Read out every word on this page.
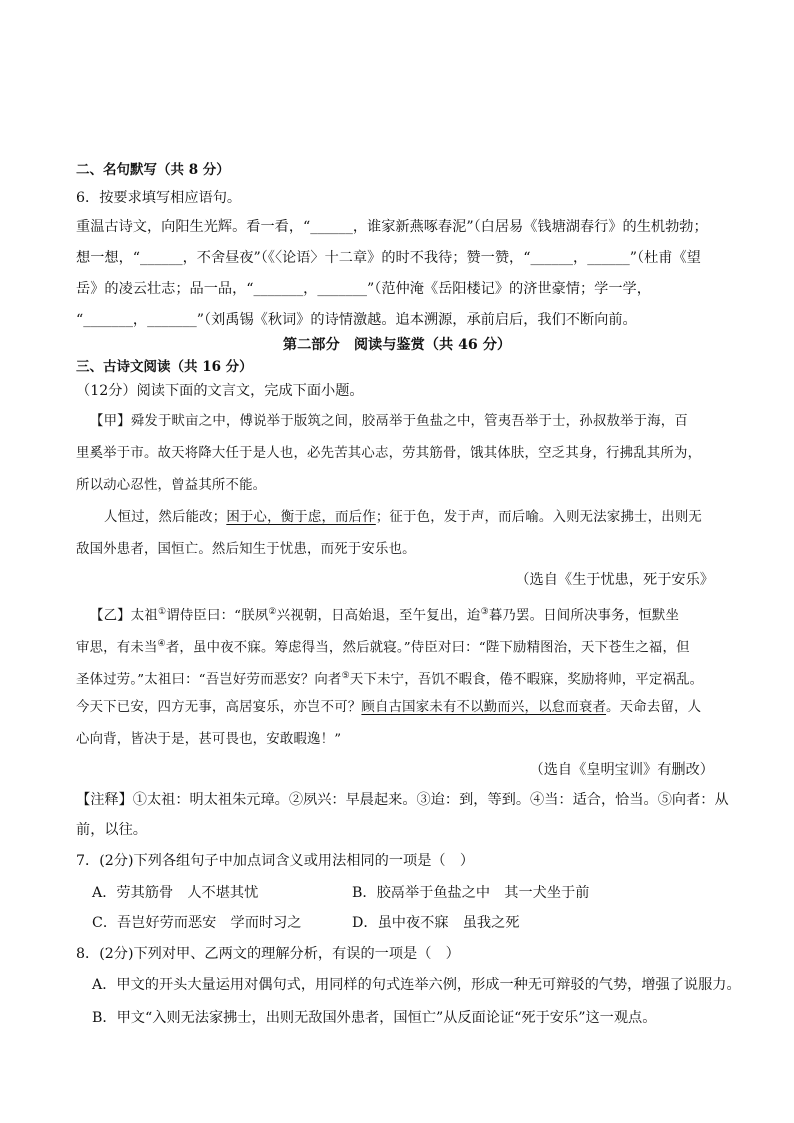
二、名句默写（共 8 分）
6．按要求填写相应语句。
重温古诗文，向阳生光辉。看一看，“______，谁家新燕啄春泥”（白居易《钱塘湖春行》的生机勃勃；
想一想，“______，不舍昼夜”（《〈论语〉十二章》的时不我待；赞一赞，“______，______”（杜甫《望
岳》的凌云壮志；品一品，“_______，_______”（范仲淹《岳阳楼记》的济世豪情；学一学，
“_______，_______”（刘禹锡《秋词》的诗情激越。追本溯源，承前启后，我们不断向前。
第二部分　阅读与鉴赏（共 46 分）
三、古诗文阅读（共 16 分）
（12分）阅读下面的文言文，完成下面小题。
【甲】舜发于畎亩之中，傅说举于版筑之间，胶鬲举于鱼盐之中，管夷吾举于士，孙叔敖举于海，百
里奚举于市。故天将降大任于是人也，必先苦其心志，劳其筋骨，饿其体肤，空乏其身，行拂乱其所为，
所以动心忍性，曾益其所不能。
人恒过，然后能改；困于心，衡于虑，而后作；征于色，发于声，而后喻。入则无法家拂士，出则无
敌国外患者，国恒亡。然后知生于忧患，而死于安乐也。
（选自《生于忧患，死于安乐》
【乙】太祖①谓侍臣曰：“朕夙②兴视朝，日高始退，至午复出，迨③暮乃罢。日间所决事务，恒默坐
审思，有未当④者，虽中夜不寐。筹虑得当，然后就寝。”侍臣对曰：“陛下励精图治，天下苍生之福，但
圣体过劳。”太祖曰：“吾岂好劳而恶安？向者⑤天下未宁，吾饥不暇食，倦不暇寐，奖励将帅，平定祸乱。
今天下已安，四方无事，高居宴乐，亦岂不可？顾自古国家未有不以勤而兴，以怠而衰者。天命去留，人
心向背，皆决于是，甚可畏也，安敢暇逸！”
（选自《皇明宝训》有删改）
【注释】①太祖：明太祖朱元璋。②夙兴：早晨起来。③迨：到，等到。④当：适合，恰当。⑤向者：从
前，以往。
7．(2分)下列各组句子中加点词含义或用法相同的一项是（　）
A．劳其筋骨　人不堪其忧	B．胶鬲举于鱼盐之中　其一犬坐于前
C．吾岂好劳而恶安　学而时习之	D．虽中夜不寐　虽我之死
8．(2分)下列对甲、乙两文的理解分析，有误的一项是（　）
A．甲文的开头大量运用对偶句式，用同样的句式连举六例，形成一种无可辩驳的气势，增强了说服力。
B．甲文“入则无法家拂士，出则无敌国外患者，国恒亡”从反面论证“死于安乐”这一观点。
